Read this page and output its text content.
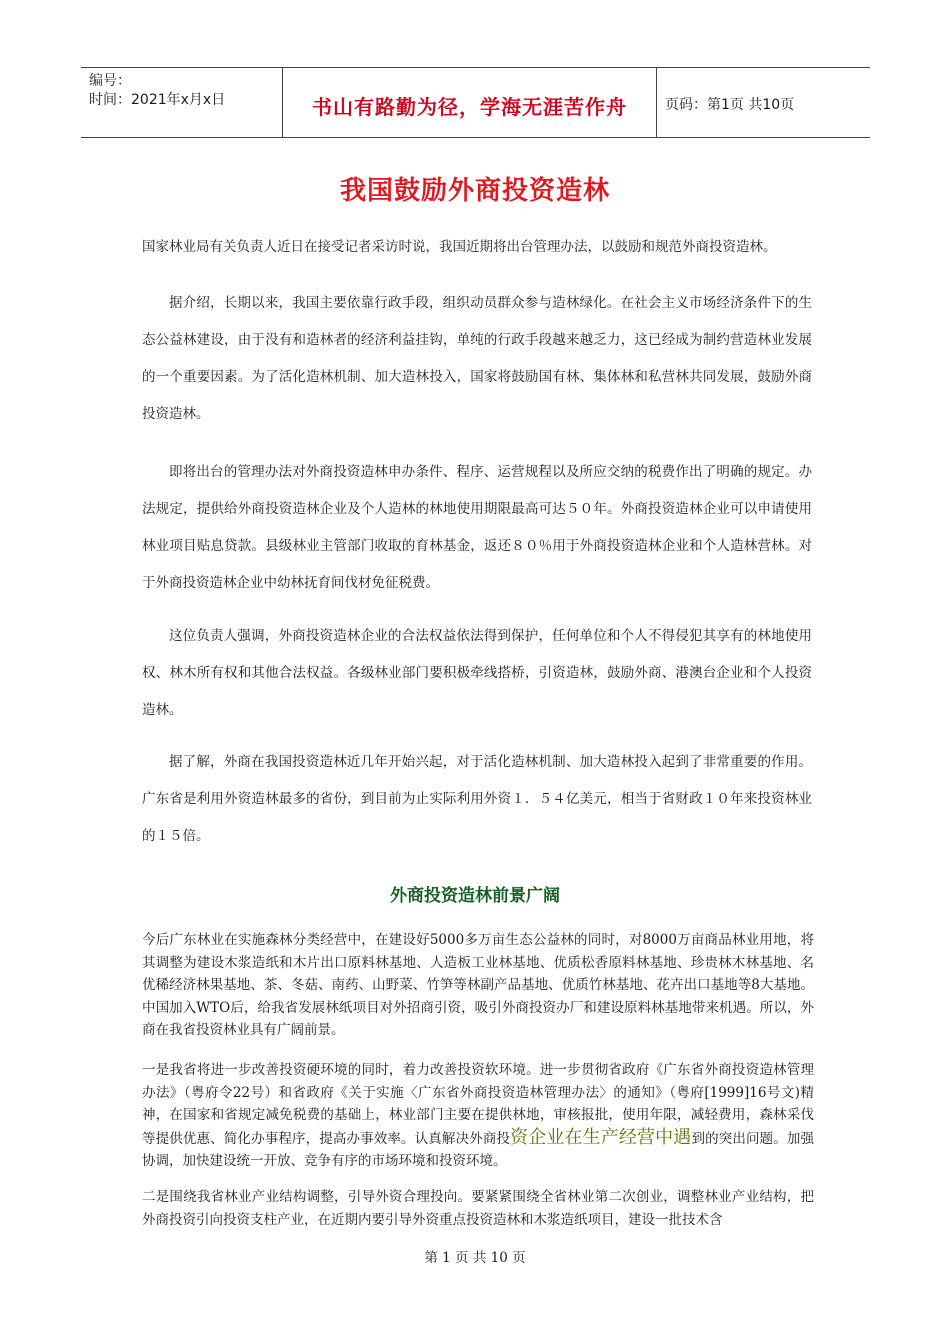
编号：
时间：2021年x月x日	书山有路勤为径，学海无涯苦作舟	页码：第1页 共10页
我国鼓励外商投资造林
国家林业局有关负责人近日在接受记者采访时说，我国近期将出台管理办法，以鼓励和规范外商投资造林。
据介绍，长期以来，我国主要依靠行政手段，组织动员群众参与造林绿化。在社会主义市场经济条件下的生态公益林建设，由于没有和造林者的经济利益挂钩，单纯的行政手段越来越乏力，这已经成为制约营造林业发展的一个重要因素。为了活化造林机制、加大造林投入，国家将鼓励国有林、集体林和私营林共同发展，鼓励外商投资造林。
即将出台的管理办法对外商投资造林申办条件、程序、运营规程以及所应交纳的税费作出了明确的规定。办法规定，提供给外商投资造林企业及个人造林的林地使用期限最高可达５０年。外商投资造林企业可以申请使用林业项目贴息贷款。县级林业主管部门收取的育林基金，返还８０％用于外商投资造林企业和个人造林营林。对于外商投资造林企业中幼林抚育间伐材免征税费。
这位负责人强调，外商投资造林企业的合法权益依法得到保护，任何单位和个人不得侵犯其享有的林地使用权、林木所有权和其他合法权益。各级林业部门要积极牵线搭桥，引资造林，鼓励外商、港澳台企业和个人投资造林。
据了解，外商在我国投资造林近几年开始兴起，对于活化造林机制、加大造林投入起到了非常重要的作用。广东省是利用外资造林最多的省份，到目前为止实际利用外资１．５４亿美元，相当于省财政１０年来投资林业的１５倍。
外商投资造林前景广阔
今后广东林业在实施森林分类经营中，在建设好5000多万亩生态公益林的同时，对8000万亩商品林业用地，将其调整为建设木浆造纸和木片出口原料林基地、人造板工业林基地、优质松香原料林基地、珍贵林木林基地、名优稀经济林果基地、茶、冬菇、南药、山野菜、竹笋等林副产品基地、优质竹林基地、花卉出口基地等8大基地。中国加入WTO后，给我省发展林纸项目对外招商引资，吸引外商投资办厂和建设原料林基地带来机遇。所以，外商在我省投资林业具有广阔前景。
一是我省将进一步改善投资硬环境的同时，着力改善投资软环境。进一步贯彻省政府《广东省外商投资造林管理办法》（粤府令22号）和省政府《关于实施〈广东省外商投资造林管理办法〉的通知》（粤府[1999]16号文)精神，在国家和省规定减免税费的基础上，林业部门主要在提供林地，审核报批，使用年限，减轻费用，森林采伐等提供优惠、简化办事程序，提高办事效率。认真解决外商投资企业在生产经营中遇到的突出问题。加强协调，加快建设统一开放、竞争有序的市场环境和投资环境。
二是围绕我省林业产业结构调整，引导外资合理投向。要紧紧围绕全省林业第二次创业，调整林业产业结构，把外商投资引向投资支柱产业，在近期内要引导外资重点投资造林和木浆造纸项目，建设一批技术含
第 1 页 共 10 页
